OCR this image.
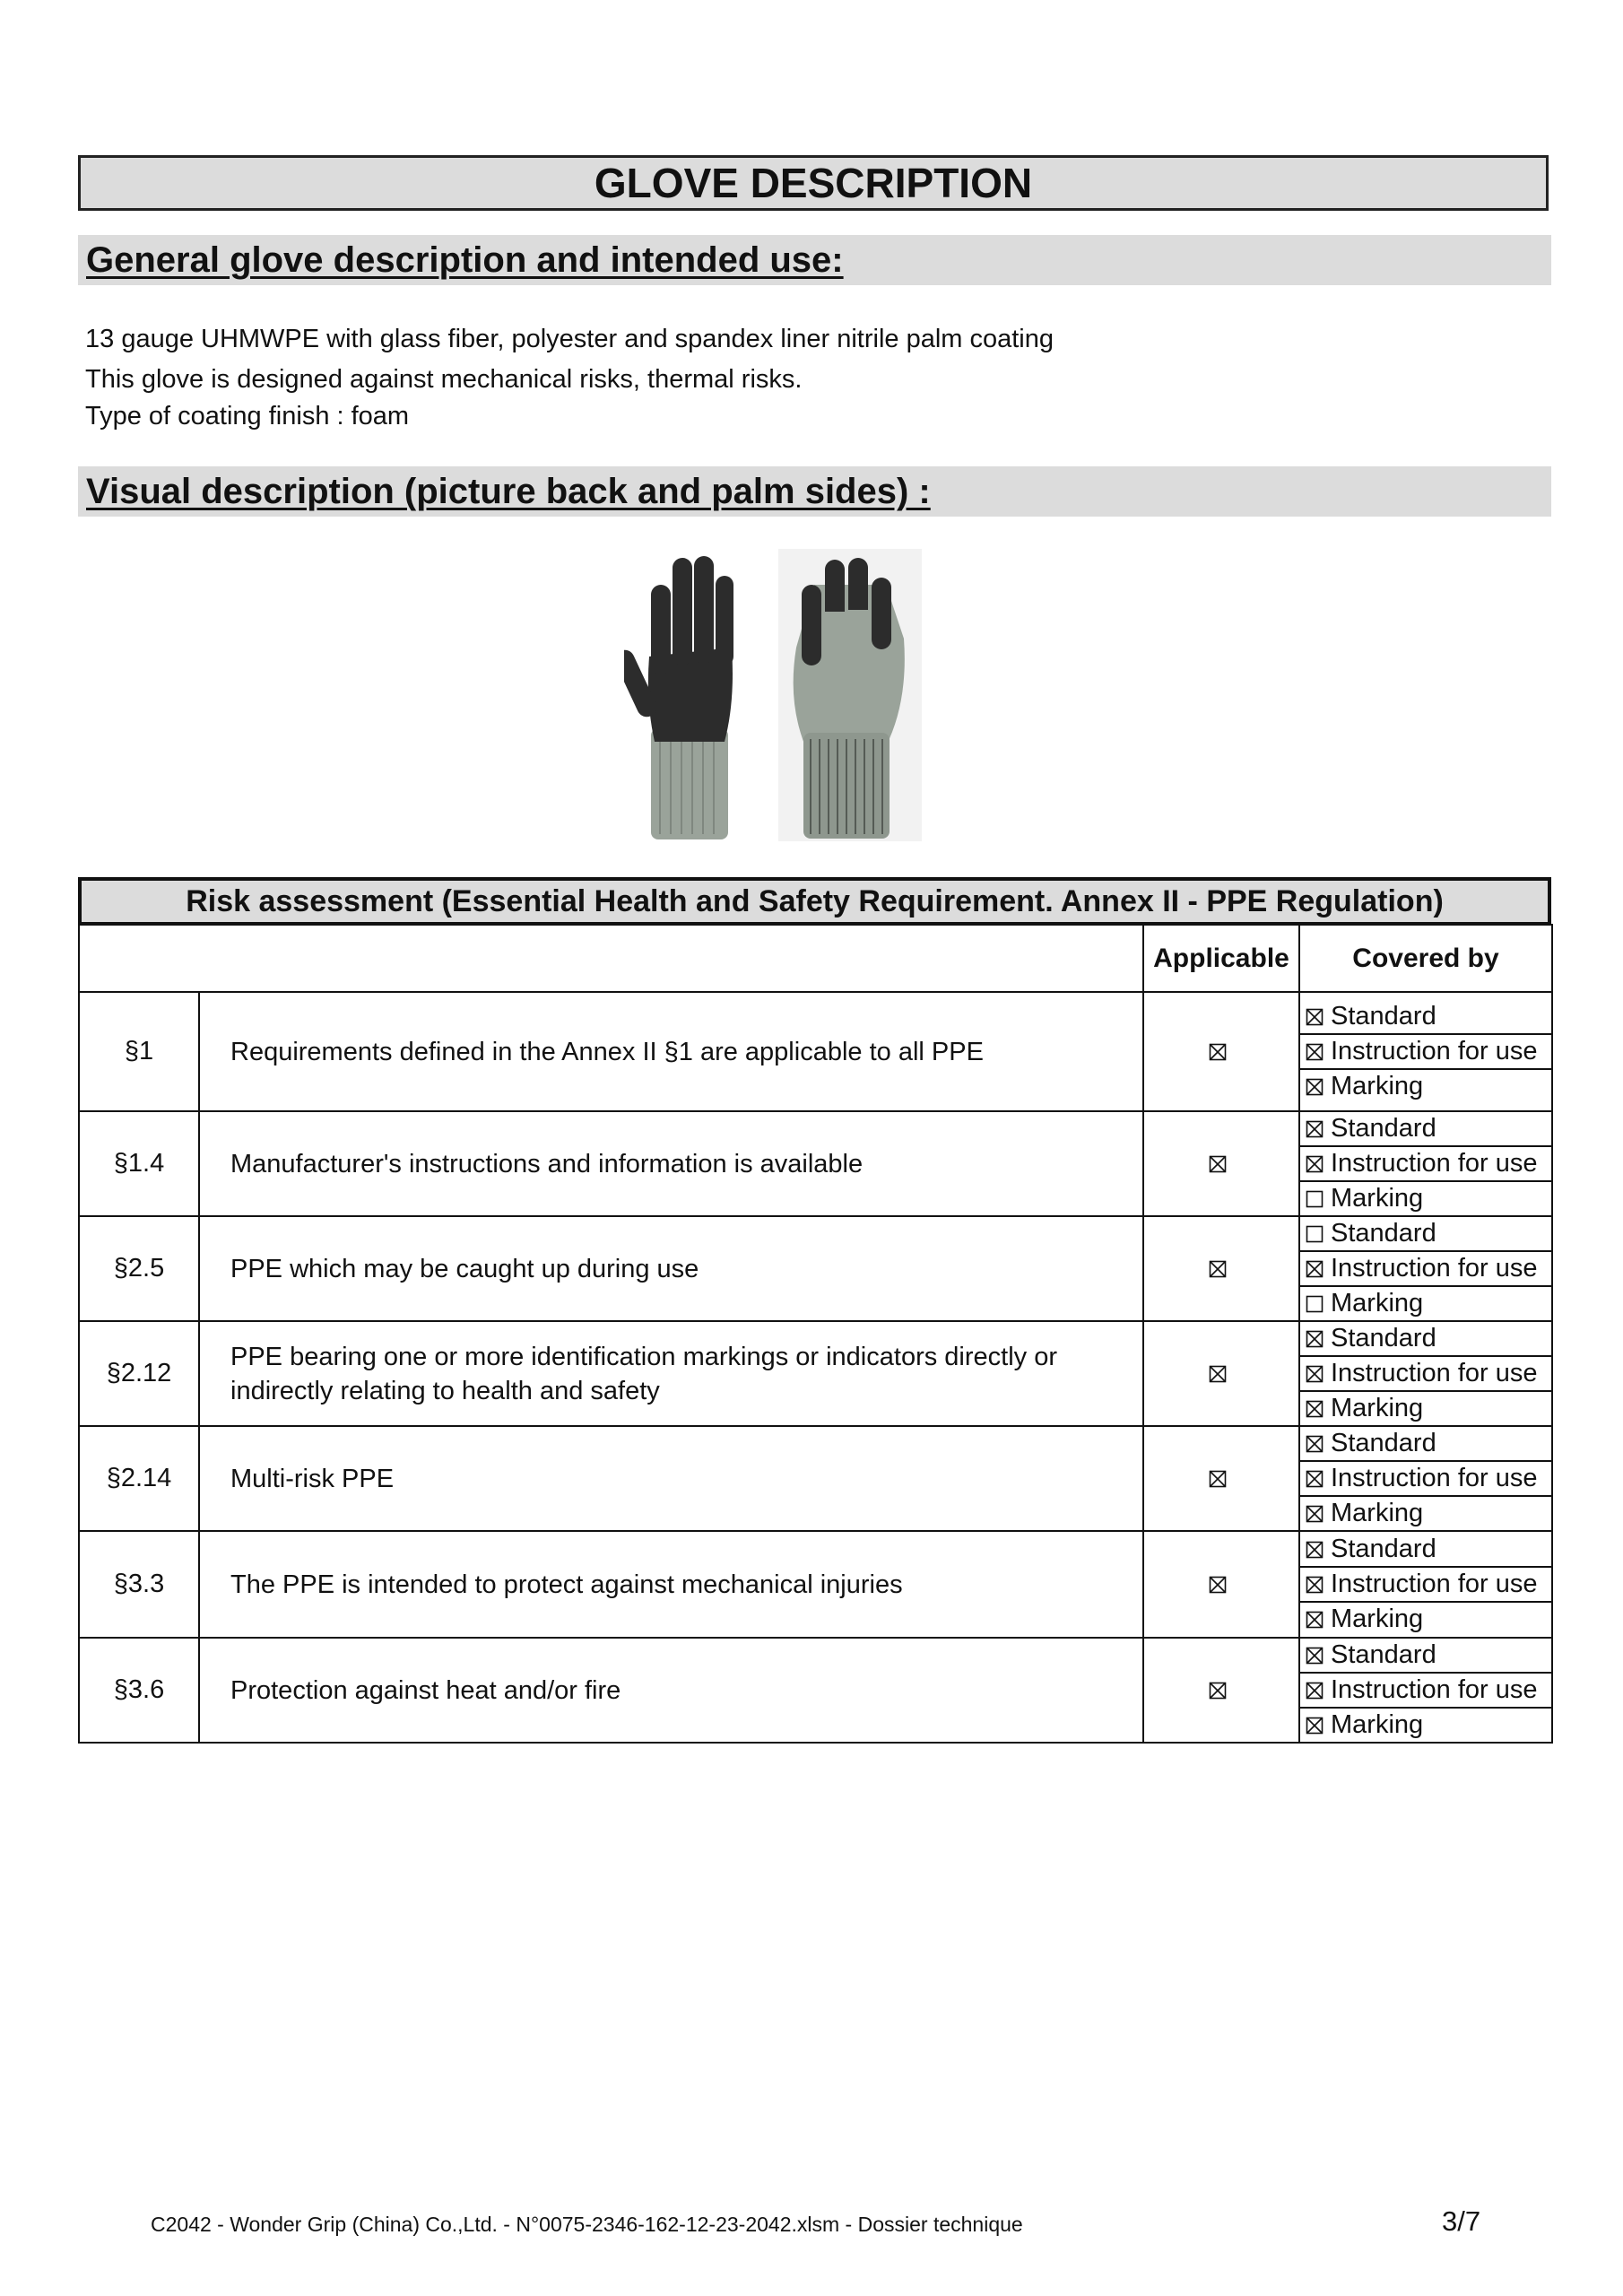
GLOVE DESCRIPTION
General glove description and intended use:
13 gauge UHMWPE with glass fiber, polyester and spandex liner nitrile palm coating
This glove is designed against mechanical risks, thermal risks.
Type of coating finish : foam
Visual description (picture back and palm sides) :
Risk assessment (Essential Health and Safety Requirement. Annex II - PPE Regulation)
		Applicable	Covered by
§1	Requirements defined in the Annex II §1 are applicable to all PPE		Standard
Instruction for use
Marking

§1.4	Manufacturer's instructions and information is available		Standard
Instruction for use
Marking

§2.5	PPE which may be caught up during use		Standard
Instruction for use
Marking

§2.12	PPE bearing one or more identification markings or indicators directly or indirectly relating to health and safety		Standard
Instruction for use
Marking

§2.14	Multi-risk PPE		Standard
Instruction for use
Marking

§3.3	The PPE is intended to protect against mechanical injuries		Standard
Instruction for use
Marking

§3.6	Protection against heat and/or fire		Standard
Instruction for use
Marking
C2042 - Wonder Grip (China) Co.,Ltd. - N°0075-2346-162-12-23-2042.xlsm - Dossier technique	3/7
